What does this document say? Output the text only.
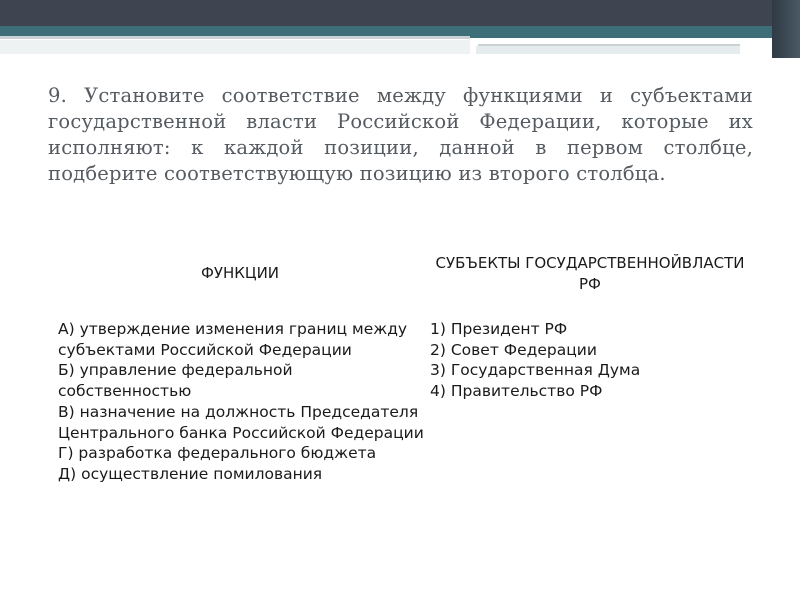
9. Установите соответствие между функциями и субъектами государственной власти Российской Федерации, которые их исполняют: к каждой позиции, данной в первом столбце, подберите соответствующую позицию из второго столбца.
ФУНКЦИИ
СУБЪЕКТЫ ГОСУДАРСТВЕННОЙВЛАСТИ РФ
А) утверждение изменения границ между субъектами Российской Федерации
Б) управление федеральной собственностью
В) назначение на должность Председателя Центрального банка Российской Федерации
Г) разработка федерального бюджета
Д) осуществление помилования
1) Президент РФ
2) Совет Федерации
3) Государственная Дума
4) Правительство РФ
